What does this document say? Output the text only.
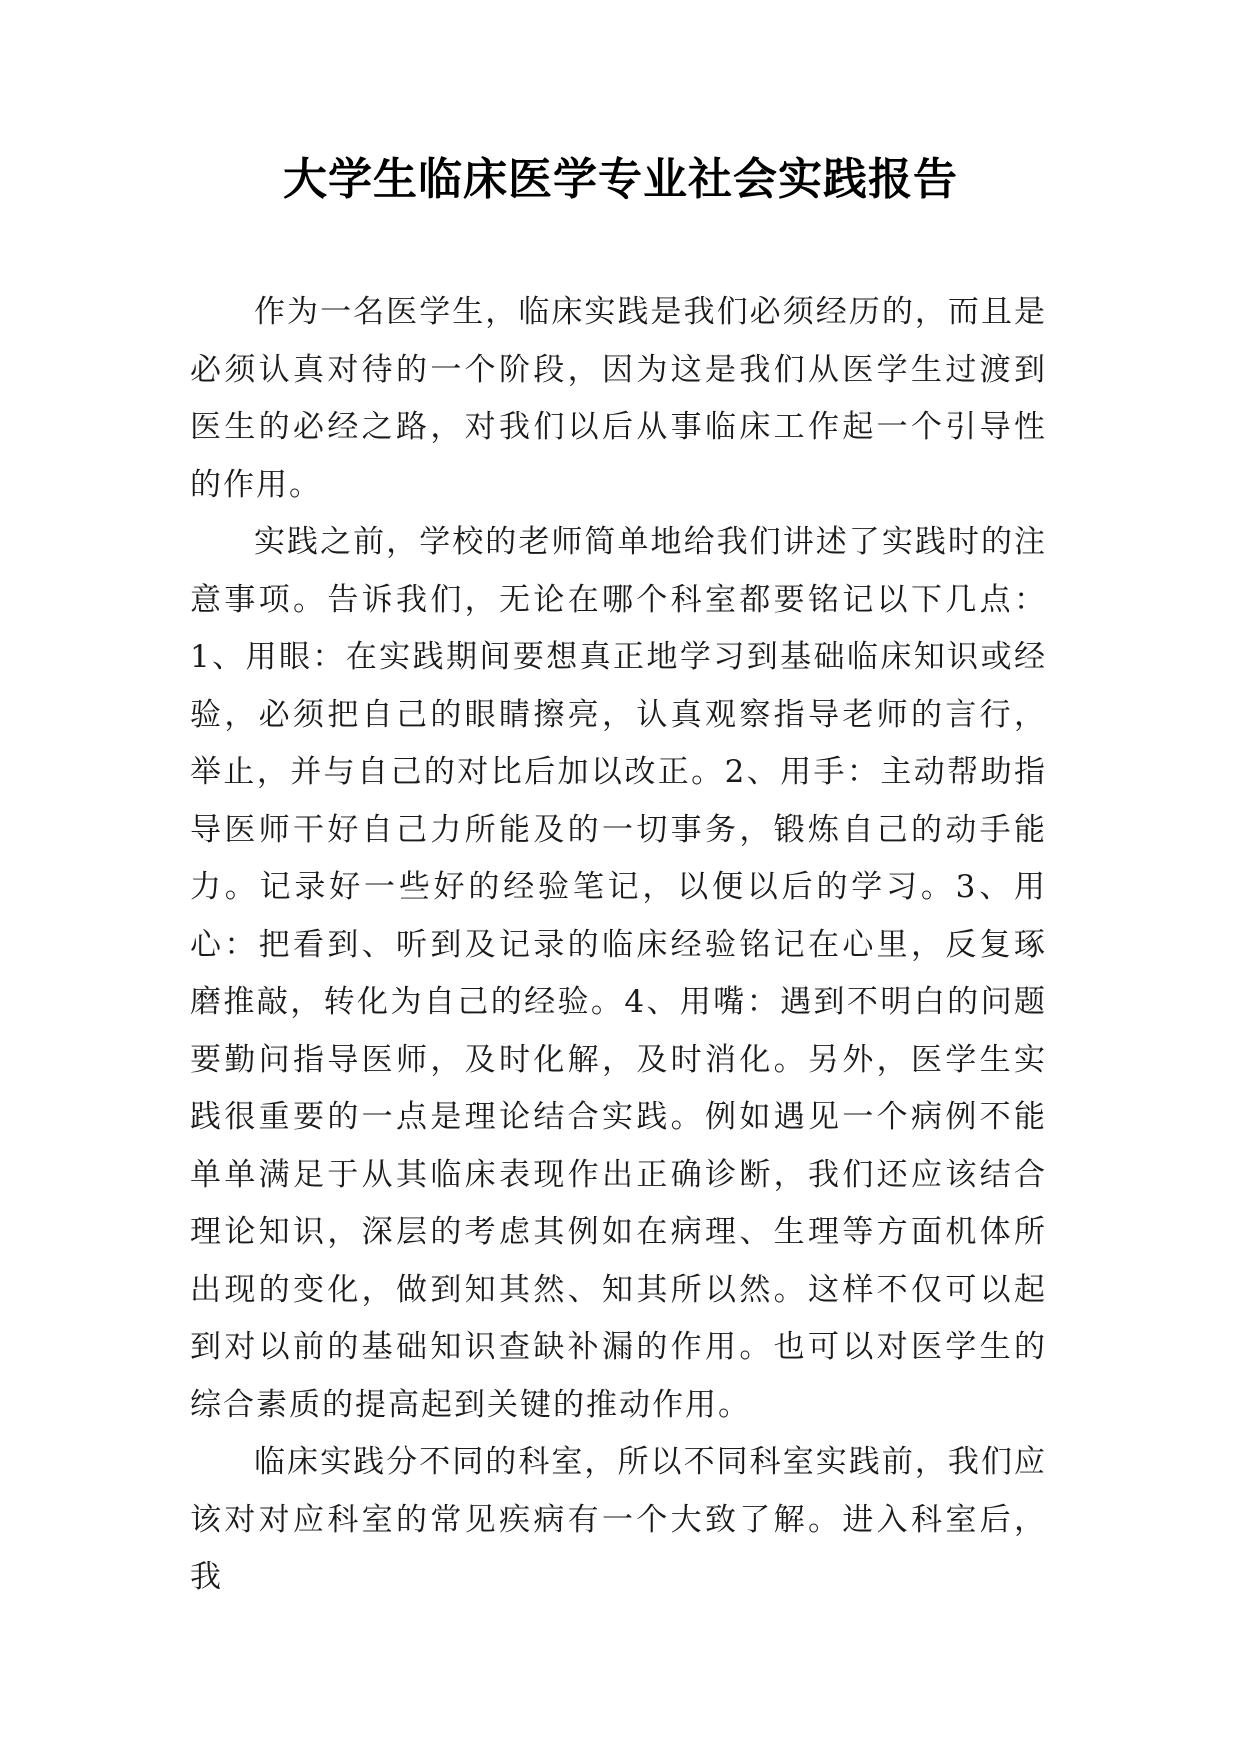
大学生临床医学专业社会实践报告

作为一名医学生，临床实践是我们必须经历的，而且是必须认真对待的一个阶段，因为这是我们从医学生过渡到医生的必经之路，对我们以后从事临床工作起一个引导性的作用。

实践之前，学校的老师简单地给我们讲述了实践时的注意事项。告诉我们，无论在哪个科室都要铭记以下几点：1、用眼：在实践期间要想真正地学习到基础临床知识或经验，必须把自己的眼睛擦亮，认真观察指导老师的言行，举止，并与自己的对比后加以改正。2、用手：主动帮助指导医师干好自己力所能及的一切事务，锻炼自己的动手能力。记录好一些好的经验笔记，以便以后的学习。3、用心：把看到、听到及记录的临床经验铭记在心里，反复琢磨推敲，转化为自己的经验。4、用嘴：遇到不明白的问题要勤问指导医师，及时化解，及时消化。另外，医学生实践很重要的一点是理论结合实践。例如遇见一个病例不能单单满足于从其临床表现作出正确诊断，我们还应该结合理论知识，深层的考虑其例如在病理、生理等方面机体所出现的变化，做到知其然、知其所以然。这样不仅可以起到对以前的基础知识查缺补漏的作用。也可以对医学生的综合素质的提高起到关键的推动作用。

临床实践分不同的科室，所以不同科室实践前，我们应该对对应科室的常见疾病有一个大致了解。进入科室后，我
